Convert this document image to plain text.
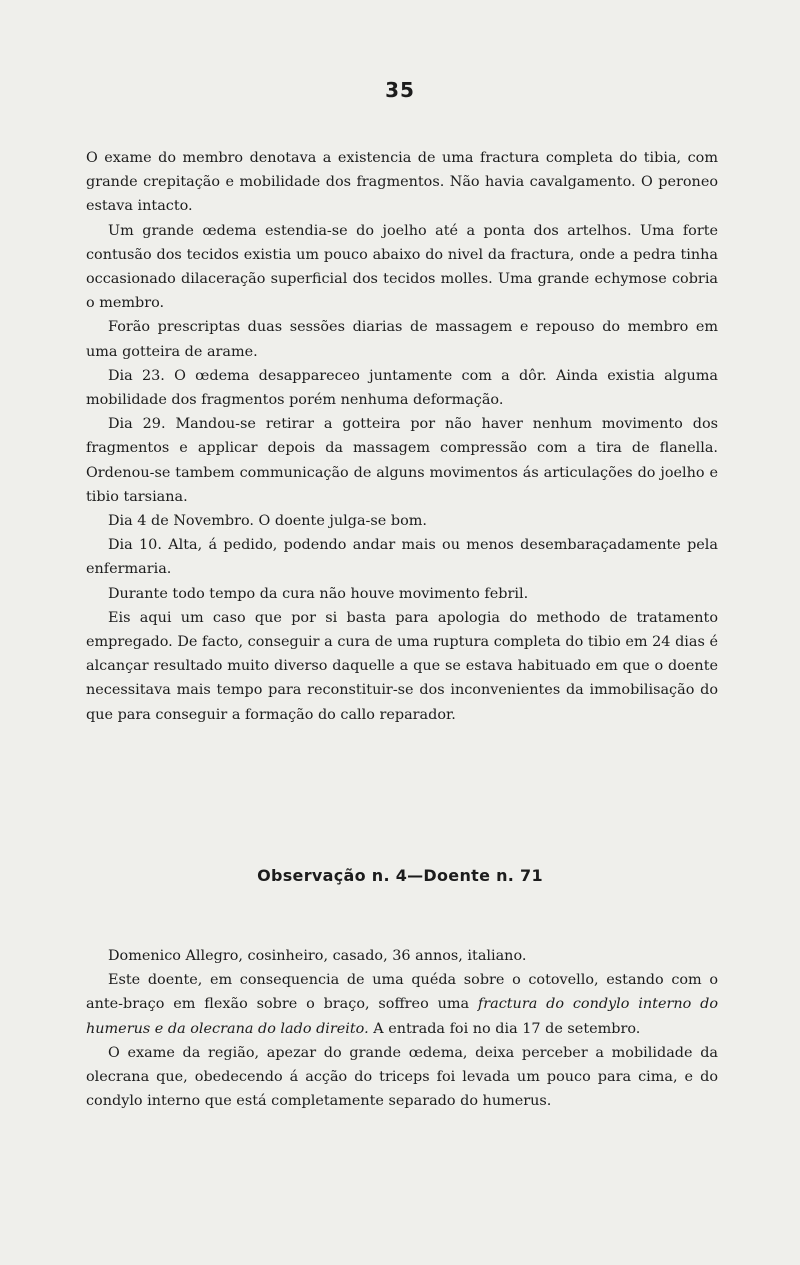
35

O exame do membro denotava a existencia de uma fractura completa do tibia, com grande crepitação e mobilidade dos fragmentos. Não havia cavalgamento. O peroneo estava intacto.

Um grande œdema estendia-se do joelho até a ponta dos artelhos. Uma forte contusão dos tecidos existia um pouco abaixo do nivel da fractura, onde a pedra tinha occasionado dilaceração superficial dos tecidos molles. Uma grande echymose cobria o membro.

Forão prescriptas duas sessões diarias de massagem e repouso do membro em uma gotteira de arame.

Dia 23. O œdema desappareceo juntamente com a dôr. Ainda existia alguma mobilidade dos fragmentos porém nenhuma deformação.

Dia 29. Mandou-se retirar a gotteira por não haver nenhum movimento dos fragmentos e applicar depois da massagem compressão com a tira de flanella. Ordenou-se tambem communicação de alguns movimentos ás articulações do joelho e tibio tarsiana.

Dia 4 de Novembro. O doente julga-se bom.

Dia 10. Alta, á pedido, podendo andar mais ou menos desembaraçadamente pela enfermaria.

Durante todo tempo da cura não houve movimento febril.

Eis aqui um caso que por si basta para apologia do methodo de tratamento empregado. De facto, conseguir a cura de uma ruptura completa do tibio em 24 dias é alcançar resultado muito diverso daquelle a que se estava habituado em que o doente necessitava mais tempo para reconstituir-se dos inconvenientes da immobilisação do que para conseguir a formação do callo reparador.

Observação n. 4—Doente n. 71

Domenico Allegro, cosinheiro, casado, 36 annos, italiano.

Este doente, em consequencia de uma quéda sobre o cotovello, estando com o ante-braço em flexão sobre o braço, soffreo uma fractura do condylo interno do humerus e da olecrana do lado direito. A entrada foi no dia 17 de setembro.

O exame da região, apezar do grande œdema, deixa perceber a mobilidade da olecrana que, obedecendo á acção do triceps foi levada um pouco para cima, e do condylo interno que está completamente separado do humerus.
